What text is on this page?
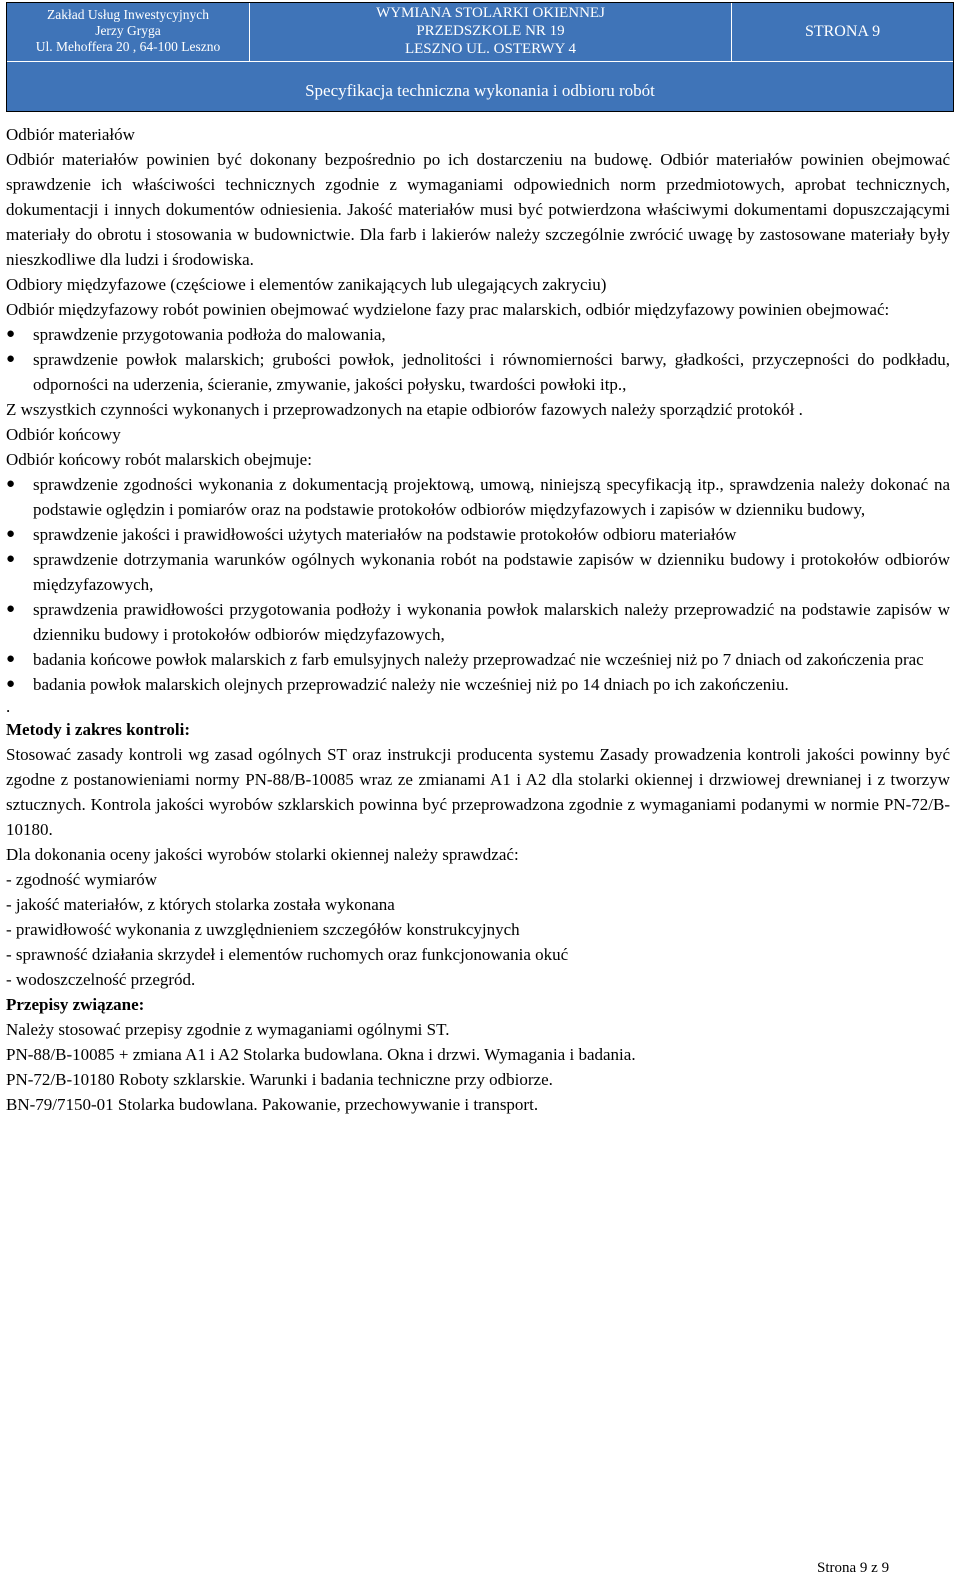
Zakład Usług Inwestycyjnych
Jerzy Gryga
Ul. Mehoffera 20 , 64-100 Leszno
WYMIANA STOLARKI OKIENNEJ
PRZEDSZKOLE NR 19
LESZNO UL. OSTERWY 4
STRONA 9
Specyfikacja techniczna wykonania i odbioru robót

Odbiór materiałów

Odbiór materiałów powinien być dokonany bezpośrednio po ich dostarczeniu na budowę. Odbiór materiałów powinien obejmować sprawdzenie ich właściwości technicznych zgodnie z wymaganiami odpowiednich norm przedmiotowych, aprobat technicznych, dokumentacji i innych dokumentów odniesienia. Jakość materiałów musi być potwierdzona właściwymi dokumentami dopuszczającymi materiały do obrotu i stosowania w budownictwie. Dla farb i lakierów należy szczególnie zwrócić uwagę by zastosowane materiały były nieszkodliwe dla ludzi i środowiska.

Odbiory międzyfazowe (częściowe i elementów zanikających lub ulegających zakryciu)

Odbiór międzyfazowy robót powinien obejmować wydzielone fazy prac malarskich, odbiór międzyfazowy powinien obejmować:

● sprawdzenie przygotowania podłoża do malowania,
● sprawdzenie powłok malarskich; grubości powłok, jednolitości i równomierności barwy, gładkości, przyczepności do podkładu, odporności na uderzenia, ścieranie, zmywanie, jakości połysku, twardości powłoki itp.,

Z wszystkich czynności wykonanych i przeprowadzonych na etapie odbiorów fazowych należy sporządzić protokół .

Odbiór końcowy

Odbiór końcowy robót malarskich obejmuje:

● sprawdzenie zgodności wykonania z dokumentacją projektową, umową, niniejszą specyfikacją itp., sprawdzenia należy dokonać na podstawie oględzin i pomiarów oraz na podstawie protokołów odbiorów międzyfazowych i zapisów w dzienniku budowy,
● sprawdzenie jakości i prawidłowości użytych materiałów na podstawie protokołów odbioru materiałów
● sprawdzenie dotrzymania warunków ogólnych wykonania robót na podstawie zapisów w dzienniku budowy i protokołów odbiorów międzyfazowych,
● sprawdzenia prawidłowości przygotowania podłoży i wykonania powłok malarskich należy przeprowadzić na podstawie zapisów w dzienniku budowy i protokołów odbiorów międzyfazowych,
● badania końcowe powłok malarskich z farb emulsyjnych należy przeprowadzać nie wcześniej niż po 7 dniach od zakończenia prac
● badania powłok malarskich olejnych przeprowadzić należy nie wcześniej niż po 14 dniach po ich zakończeniu.

.

Metody i zakres kontroli:

Stosować zasady kontroli wg zasad ogólnych ST oraz instrukcji producenta systemu Zasady prowadzenia kontroli jakości powinny być zgodne z postanowieniami normy PN-88/B-10085 wraz ze zmianami A1 i A2 dla stolarki okiennej i drzwiowej drewnianej i z tworzyw sztucznych. Kontrola jakości wyrobów szklarskich powinna być przeprowadzona zgodnie z wymaganiami podanymi w normie PN-72/B-10180.

Dla dokonania oceny jakości wyrobów stolarki okiennej należy sprawdzać:

- zgodność wymiarów

- jakość materiałów, z których stolarka została wykonana

- prawidłowość wykonania z uwzględnieniem szczegółów konstrukcyjnych

- sprawność działania skrzydeł i elementów ruchomych oraz funkcjonowania okuć

- wodoszczelność przegród.

Przepisy związane:

Należy stosować przepisy zgodnie z wymaganiami ogólnymi ST.

PN-88/B-10085 + zmiana A1 i A2 Stolarka budowlana. Okna i drzwi. Wymagania i badania.

PN-72/B-10180 Roboty szklarskie. Warunki i badania techniczne przy odbiorze.

BN-79/7150-01 Stolarka budowlana. Pakowanie, przechowywanie i transport.

Strona 9 z 9
